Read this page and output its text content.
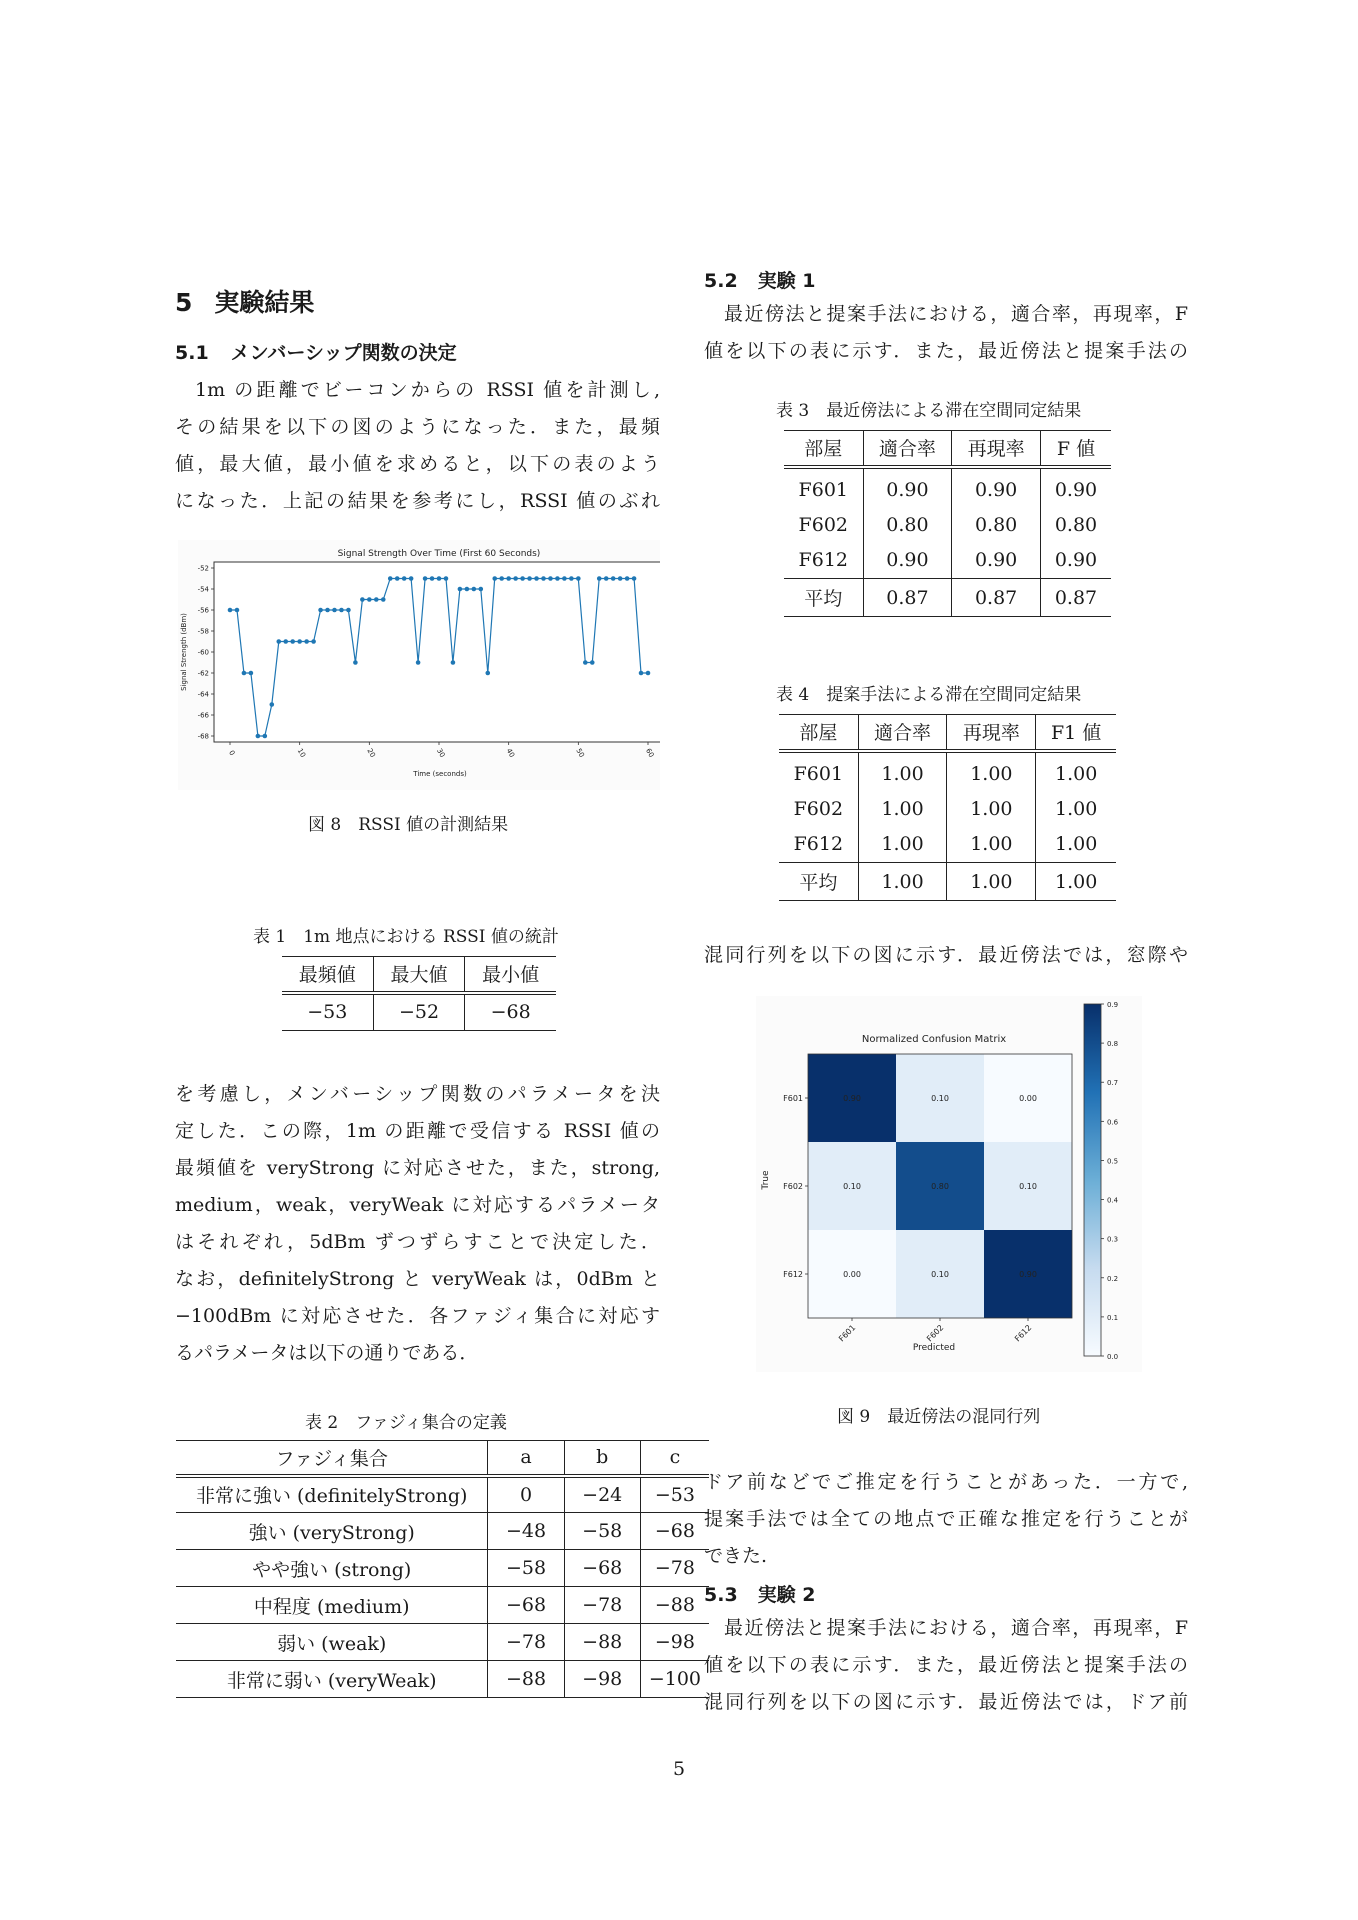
5 実験結果
5.1 メンバーシップ関数の決定
1m の距離でビーコンからの RSSI 値を計測し,
その結果を以下の図のようになった．また，最頻
値，最大値，最小値を求めると，以下の表のよう
になった．上記の結果を参考にし，RSSI 値のぶれ
Signal Strength Over Time (First 60 Seconds)
-52
-54
-56
-58
-60
-62
-64
-66
-68
0	10	20	30	40	50	60
Time (seconds)
Signal Strength (dBm)
図 8　RSSI 値の計測結果
表 1　1m 地点における RSSI 値の統計
最頻値	最大値	最小値
−53	−52	−68
を考慮し，メンバーシップ関数のパラメータを決
定した．この際，1m の距離で受信する RSSI 値の
最頻値を veryStrong に対応させた，また，strong,
medium，weak，veryWeak に対応するパラメータ
はそれぞれ，5dBm ずつずらすことで決定した．
なお，definitelyStrong と veryWeak は，0dBm と
−100dBm に対応させた．各ファジィ集合に対応す
るパラメータは以下の通りである．
表 2　ファジィ集合の定義
ファジィ集合	a	b	c
非常に強い (definitelyStrong)	0	−24	−53
強い (veryStrong)	−48	−58	−68
やや強い (strong)	−58	−68	−78
中程度 (medium)	−68	−78	−88
弱い (weak)	−78	−88	−98
非常に弱い (veryWeak)	−88	−98	−100
5.2 実験 1
最近傍法と提案手法における，適合率，再現率，F
値を以下の表に示す．また，最近傍法と提案手法の
表 3　最近傍法による滞在空間同定結果
部屋	適合率	再現率	F 値
F601	0.90	0.90	0.90
F602	0.80	0.80	0.80
F612	0.90	0.90	0.90
平均	0.87	0.87	0.87
表 4　提案手法による滞在空間同定結果
部屋	適合率	再現率	F1 値
F601	1.00	1.00	1.00
F602	1.00	1.00	1.00
F612	1.00	1.00	1.00
平均	1.00	1.00	1.00
混同行列を以下の図に示す．最近傍法では，窓際や
Normalized Confusion Matrix
0.90	0.10	0.00
0.10	0.80	0.10
0.00	0.10	0.90
F601
F602
F612
F601	F602	F612
Predicted
True
0.9
0.8
0.7
0.6
0.5
0.4
0.3
0.2
0.1
0.0
図 9　最近傍法の混同行列
ドア前などでご推定を行うことがあった．一方で,
提案手法では全ての地点で正確な推定を行うことが
できた.
5.3 実験 2
最近傍法と提案手法における，適合率，再現率，F
値を以下の表に示す．また，最近傍法と提案手法の
混同行列を以下の図に示す．最近傍法では，ドア前
5
